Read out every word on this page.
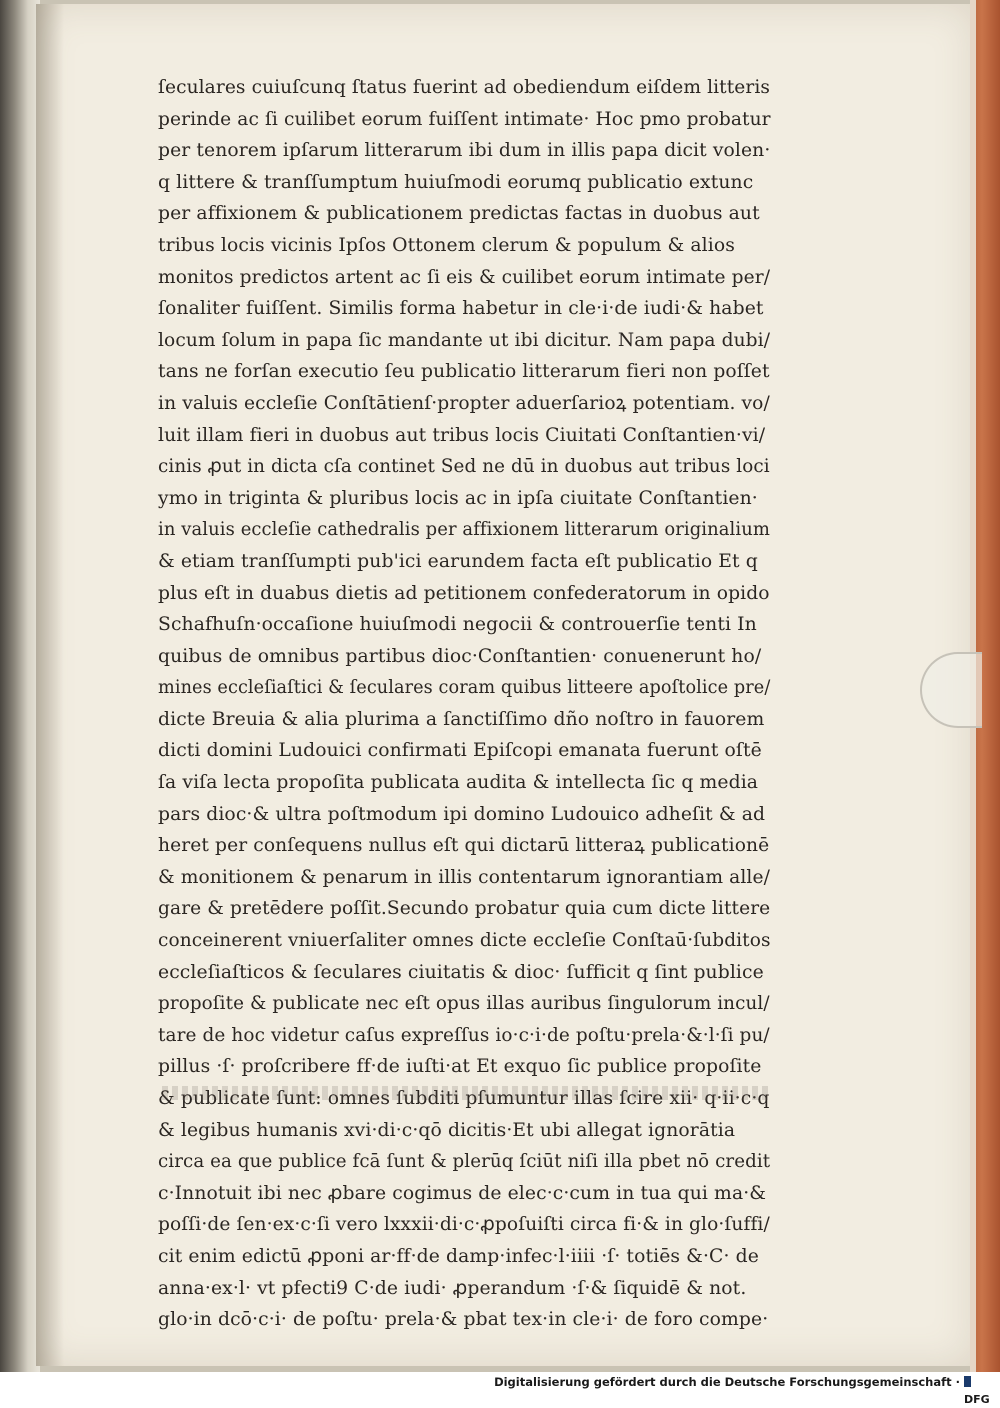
ſeculares cuiuſcunq ſtatus fuerint ad obediendum eiſdem litteris
perinde ac ſi cuilibet eorum fuiſſent intimate· Hoc pmo probatur
per tenorem ipſarum litterarum ibi dum in illis papa dicit volen·
q littere & tranſſumptum huiuſmodi eorumq publicatio extunc
per affixionem & publicationem predictas factas in duobus aut
tribus locis vicinis Ipſos Ottonem clerum & populum & alios
monitos predictos artent ac ſi eis & cuilibet eorum intimate per/
ſonaliter fuiſſent. Similis forma habetur in cle·i·de iudi·& habet
locum ſolum in papa ſic mandante ut ibi dicitur. Nam papa dubi/
tans ne forſan executio ſeu publicatio litterarum fieri non poſſet
in valuis eccleſie Conſtātienſ·propter aduerſarioꝝ potentiam. vo/
luit illam fieri in duobus aut tribus locis Ciuitati Conſtantien·vi/
cinis ꝓut in dicta cſa continet Sed ne dū in duobus aut tribus loci
ymo in triginta & pluribus locis ac in ipſa ciuitate Conſtantien·
in valuis eccleſie cathedralis per affixionem litterarum originalium
& etiam tranſſumpti pub'ici earundem facta eſt publicatio Et q
plus eſt in duabus dietis ad petitionem confederatorum in opido
Schafhuſn·occaſione huiuſmodi negocii & controuerſie tenti In
quibus de omnibus partibus dioc·Conſtantien· conuenerunt ho/
mines eccleſiaſtici & ſeculares coram quibus litteere apoſtolice pre/
dicte Breuia & alia plurima a ſanctiſſimo dño noſtro in fauorem
dicti domini Ludouici confirmati Epiſcopi emanata fuerunt oſtē
ſa viſa lecta propoſita publicata audita & intellecta ſic q media
pars dioc·& ultra poſtmodum ipi domino Ludouico adheſit & ad
heret per conſequens nullus eſt qui dictarū litteraꝝ publicationē
& monitionem & penarum in illis contentarum ignorantiam alle/
gare & pretēdere poſſit.Secundo probatur quia cum dicte littere
conceinerent vniuerſaliter omnes dicte eccleſie Conſtaū·ſubditos
eccleſiaſticos & ſeculares ciuitatis & dioc· ſufficit q ſint publice
propoſite & publicate nec eſt opus illas auribus ſingulorum incul/
tare de hoc videtur caſus expreſſus io·c·i·de poſtu·prela·&·l·ſi pu/
pillus ·ſ· proſcribere ff·de iuſti·at Et exquo ſic publice propoſite
& publicate ſunt: omnes ſubditi pſumuntur illas ſcire xii· q·ii·c·q
& legibus humanis xvi·di·c·qō dicitis·Et ubi allegat ignorātia
circa ea que publice fcā ſunt & plerūq ſciūt niſi illa pbet nō credit
c·Innotuit ibi nec ꝓbare cogimus de elec·c·cum in tua qui ma·&
poſſi·de ſen·ex·c·ſi vero lxxxii·di·c·ꝓpoſuiſti circa fi·& in glo·ſuffi/
cit enim edictū ꝓponi ar·ff·de damp·infec·l·iiii ·ſ· totiēs &·C· de
anna·ex·l· vt pfecti9 C·de iudi· ꝓperandum ·ſ·& ſiquidē & not.
glo·in dcō·c·i· de poſtu· prela·& pbat tex·in cle·i· de foro compe·
Digitalisierung gefördert durch die Deutsche Forschungsgemeinschaft ·
DFG
